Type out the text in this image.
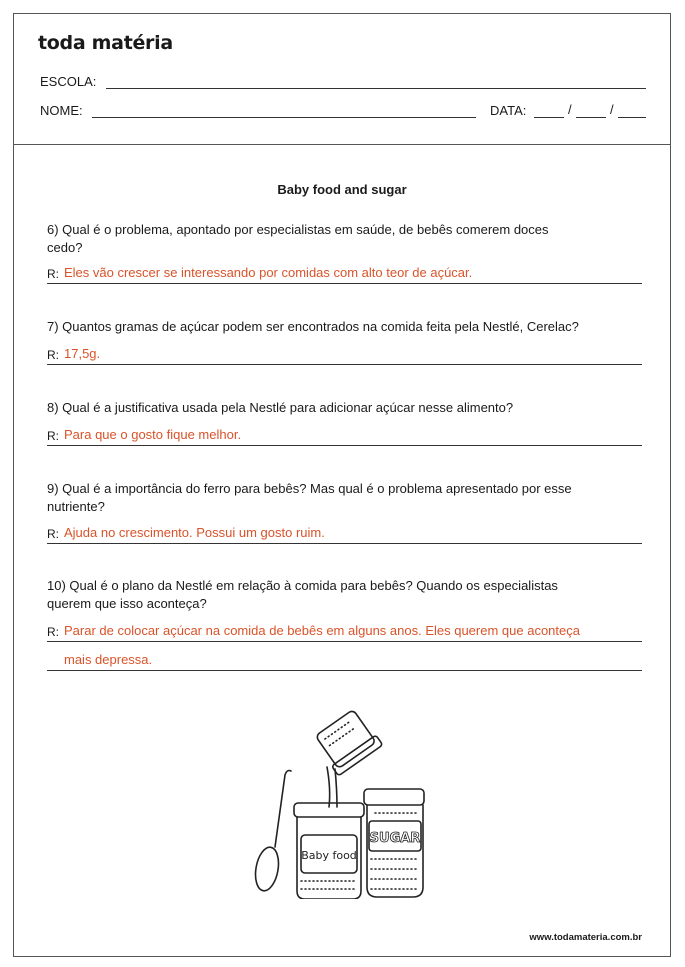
toda matéria
ESCOLA:
NOME:	DATA:	/	/
Baby food and sugar
6) Qual é o problema, apontado por especialistas em saúde, de bebês comerem doces cedo?
R: Eles vão crescer se interessando por comidas com alto teor de açúcar.
7) Quantos gramas de açúcar podem ser encontrados na comida feita pela Nestlé, Cerelac?
R: 17,5g.
8) Qual é a justificativa usada pela Nestlé para adicionar açúcar nesse alimento?
R: Para que o gosto fique melhor.
9) Qual é a importância do ferro para bebês? Mas qual é o problema apresentado por esse nutriente?
R: Ajuda no crescimento. Possui um gosto ruim.
10) Qual é o plano da Nestlé em relação à comida para bebês? Quando os especialistas querem que isso aconteça?
R: Parar de colocar açúcar na comida de bebês em alguns anos. Eles querem que aconteça
mais depressa.
Baby food
SUGAR
www.todamateria.com.br
